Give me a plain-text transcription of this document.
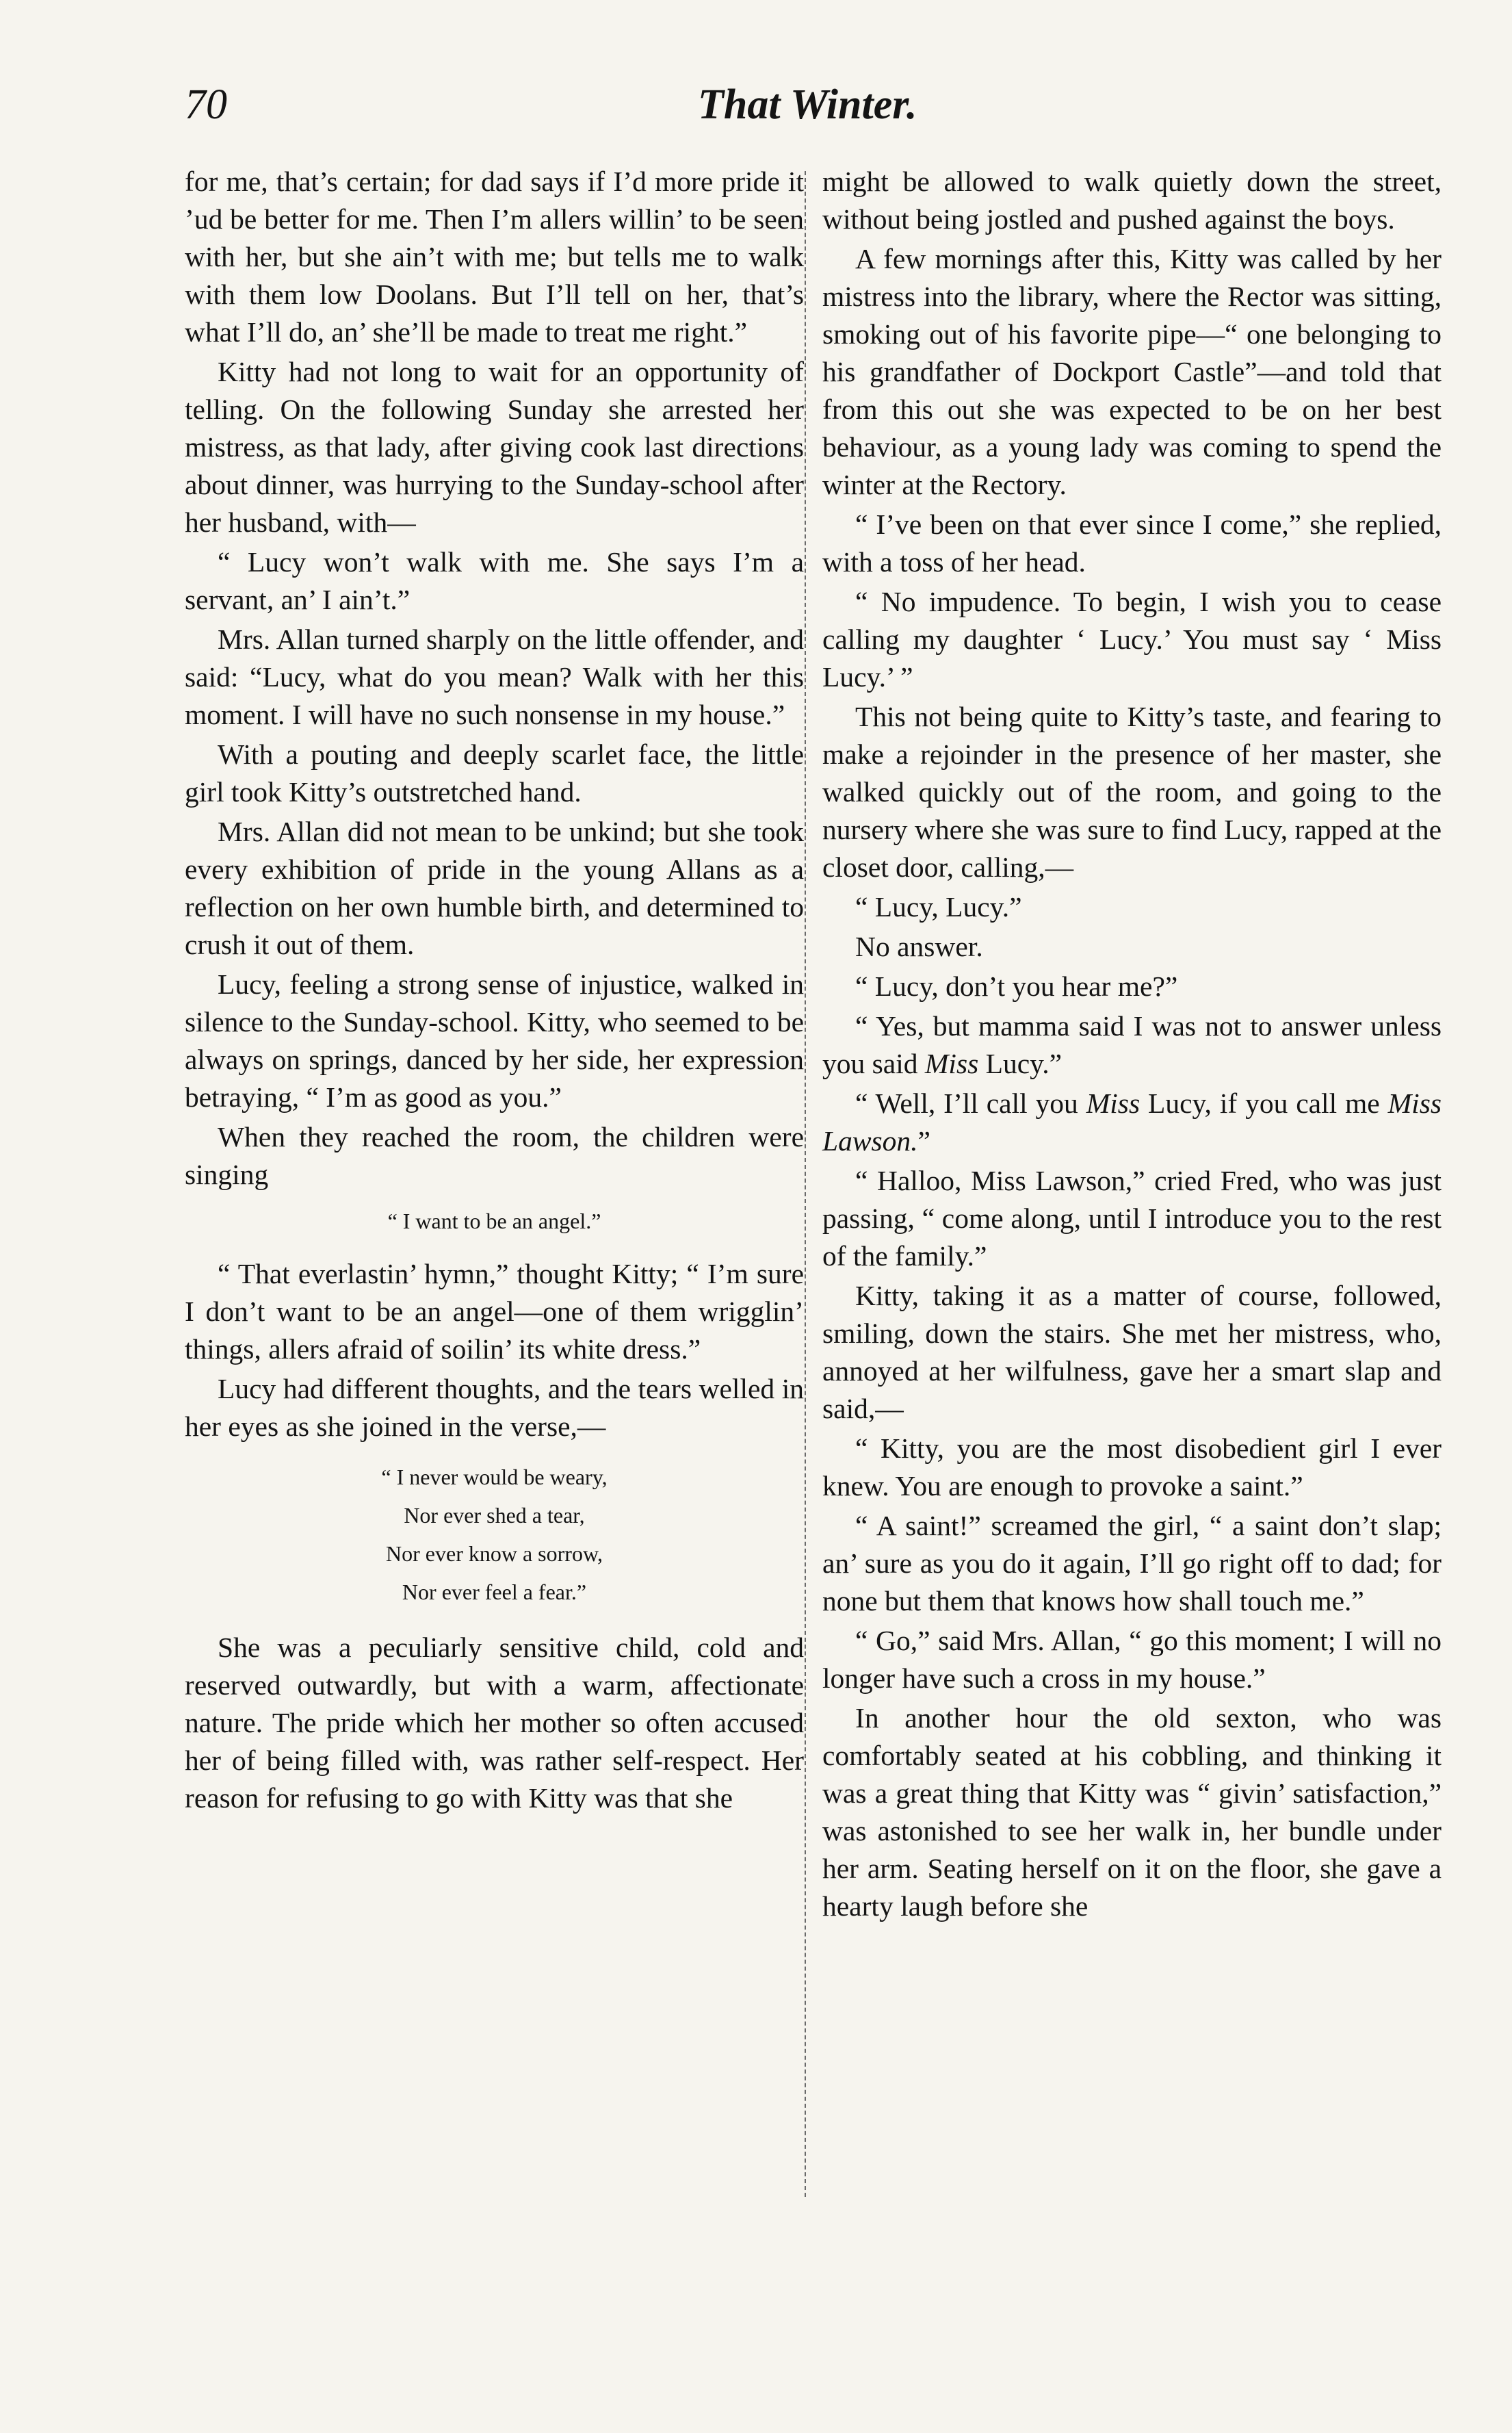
70	That Winter.

for me, that’s certain; for dad says if I’d more pride it ’ud be better for me. Then I’m allers willin’ to be seen with her, but she ain’t with me; but tells me to walk with them low Doolans. But I’ll tell on her, that’s what I’ll do, an’ she’ll be made to treat me right.”

Kitty had not long to wait for an opportunity of telling. On the following Sunday she arrested her mistress, as that lady, after giving cook last directions about dinner, was hurrying to the Sunday-school after her husband, with—

“ Lucy won’t walk with me. She says I’m a servant, an’ I ain’t.”

Mrs. Allan turned sharply on the little offender, and said: “Lucy, what do you mean? Walk with her this moment. I will have no such nonsense in my house.”

With a pouting and deeply scarlet face, the little girl took Kitty’s outstretched hand.

Mrs. Allan did not mean to be unkind; but she took every exhibition of pride in the young Allans as a reflection on her own humble birth, and determined to crush it out of them.

Lucy, feeling a strong sense of injustice, walked in silence to the Sunday-school. Kitty, who seemed to be always on springs, danced by her side, her expression betraying, “ I’m as good as you.”

When they reached the room, the children were singing

“ I want to be an angel.”

“ That everlastin’ hymn,” thought Kitty; “ I’m sure I don’t want to be an angel—one of them wrigglin’ things, allers afraid of soilin’ its white dress.”

Lucy had different thoughts, and the tears welled in her eyes as she joined in the verse,—

“ I never would be weary,
Nor ever shed a tear,
Nor ever know a sorrow,
Nor ever feel a fear.”

She was a peculiarly sensitive child, cold and reserved outwardly, but with a warm, affectionate nature. The pride which her mother so often accused her of being filled with, was rather self-respect. Her reason for refusing to go with Kitty was that she

might be allowed to walk quietly down the street, without being jostled and pushed against the boys.

A few mornings after this, Kitty was called by her mistress into the library, where the Rector was sitting, smoking out of his favorite pipe—“ one belonging to his grandfather of Dockport Castle”—and told that from this out she was expected to be on her best behaviour, as a young lady was coming to spend the winter at the Rectory.

“ I’ve been on that ever since I come,” she replied, with a toss of her head.

“ No impudence. To begin, I wish you to cease calling my daughter ‘ Lucy.’ You must say ‘ Miss Lucy.’ ”

This not being quite to Kitty’s taste, and fearing to make a rejoinder in the presence of her master, she walked quickly out of the room, and going to the nursery where she was sure to find Lucy, rapped at the closet door, calling,—

“ Lucy, Lucy.”

No answer.

“ Lucy, don’t you hear me?”

“ Yes, but mamma said I was not to answer unless you said Miss Lucy.”

“ Well, I’ll call you Miss Lucy, if you call me Miss Lawson.”

“ Halloo, Miss Lawson,” cried Fred, who was just passing, “ come along, until I introduce you to the rest of the family.”

Kitty, taking it as a matter of course, followed, smiling, down the stairs. She met her mistress, who, annoyed at her wilfulness, gave her a smart slap and said,—

“ Kitty, you are the most disobedient girl I ever knew. You are enough to provoke a saint.”

“ A saint!” screamed the girl, “ a saint don’t slap; an’ sure as you do it again, I’ll go right off to dad; for none but them that knows how shall touch me.”

“ Go,” said Mrs. Allan, “ go this moment; I will no longer have such a cross in my house.”

In another hour the old sexton, who was comfortably seated at his cobbling, and thinking it was a great thing that Kitty was “ givin’ satisfaction,” was astonished to see her walk in, her bundle under her arm. Seating herself on it on the floor, she gave a hearty laugh before she
